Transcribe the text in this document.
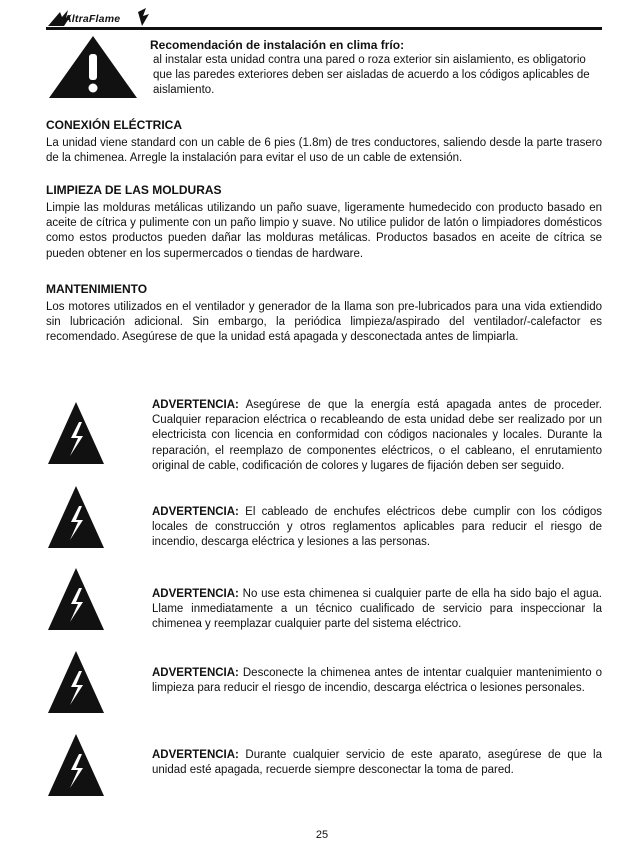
AltraFlame

Recomendación de instalación en clima frío:

al instalar esta unidad contra una pared o roza exterior sin aislamiento, es obligatorio que las paredes exteriores deben ser aisladas de acuerdo a los códigos aplicables de aislamiento.

CONEXIÓN ELÉCTRICA

La unidad viene standard con un cable de 6 pies (1.8m) de tres conductores, saliendo desde la parte trasero de la chimenea. Arregle la instalación para evitar el uso de un cable de extensión.

LIMPIEZA DE LAS MOLDURAS

Limpie las molduras metálicas utilizando un paño suave, ligeramente humedecido con producto basado en aceite de cítrica y pulimente con un paño limpio y suave. No utilice pulidor de latón o limpiadores domésticos como estos productos pueden dañar las molduras metálicas. Productos basados en aceite de cítrica se pueden obtener en los supermercados o tiendas de hardware.

MANTENIMIENTO

Los motores utilizados en el ventilador y generador de la llama son pre-lubricados para una vida extiendido sin lubricación adicional. Sin embargo, la periódica limpieza/aspirado del ventilador/-calefactor es recomendado. Asegúrese de que la unidad está apagada y desconectada antes de limpiarla.

ADVERTENCIA: Asegúrese de que la energía está apagada antes de proceder. Cualquier reparacion eléctrica o recableando de esta unidad debe ser realizado por un electricista con licencia en conformidad con códigos nacionales y locales. Durante la reparación, el reemplazo de componentes eléctricos, o el cableano, el enrutamiento original de cable, codificación de colores y lugares de fijación deben ser seguido.

ADVERTENCIA: El cableado de enchufes eléctricos debe cumplir con los códigos locales de construcción y otros reglamentos aplicables para reducir el riesgo de incendio, descarga eléctrica y lesiones a las personas.

ADVERTENCIA: No use esta chimenea si cualquier parte de ella ha sido bajo el agua. Llame inmediatamente a un técnico cualificado de servicio para inspeccionar la chimenea y reemplazar cualquier parte del sistema eléctrico.

ADVERTENCIA: Desconecte la chimenea antes de intentar cualquier mantenimiento o limpieza para reducir el riesgo de incendio, descarga eléctrica o lesiones personales.

ADVERTENCIA: Durante cualquier servicio de este aparato, asegúrese de que la unidad esté apagada, recuerde siempre desconectar la toma de pared.

25
